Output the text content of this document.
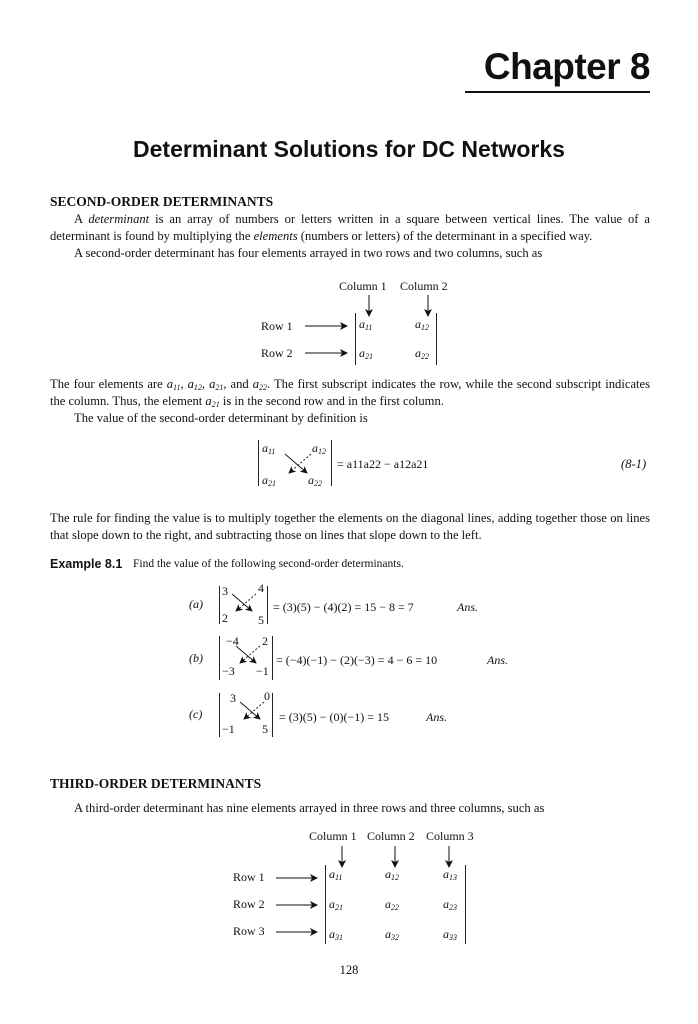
Chapter 8
Determinant Solutions for DC Networks
SECOND-ORDER DETERMINANTS
A determinant is an array of numbers or letters written in a square between vertical lines. The value of a determinant is found by multiplying the elements (numbers or letters) of the determinant in a specified way.
A second-order determinant has four elements arrayed in two rows and two columns, such as
Column 1 Column 2
Row 1
Row 2
$a_{11}$	$a_{12}$
$a_{21}$	$a_{22}$
The four elements are $a_{11}$, $a_{12}$, $a_{21}$, and $a_{22}$. The first subscript indicates the row, while the second subscript indicates the column. Thus, the element $a_{21}$ is in the second row and in the first column.
The value of the second-order determinant by definition is
$a_{11}$	$a_{12}$
$a_{21}$	$a_{22}$
= a11a22 − a12a21	(8-1)
The rule for finding the value is to multiply together the elements on the diagonal lines, adding together those on lines that slope down to the right, and subtracting those on lines that slope down to the left.
Example 8.1 Find the value of the following second-order determinants.
(a)
3	4
2	5
= (3)(5) − (4)(2) = 15 − 8 = 7	Ans.
(b)
−4 2
−3 −1
= (−4)(−1) − (2)(−3) = 4 − 6 = 10	Ans.
(c)
3 0
−1 5
= (3)(5) − (0)(−1) = 15	Ans.
THIRD-ORDER DETERMINANTS
A third-order determinant has nine elements arrayed in three rows and three columns, such as
Column 1 Column 2 Column 3
Row 1
Row 2
Row 3
$a_{11}$	$a_{12}$	$a_{13}$
$a_{21}$	$a_{22}$	$a_{23}$
$a_{31}$	$a_{32}$	$a_{33}$
128
